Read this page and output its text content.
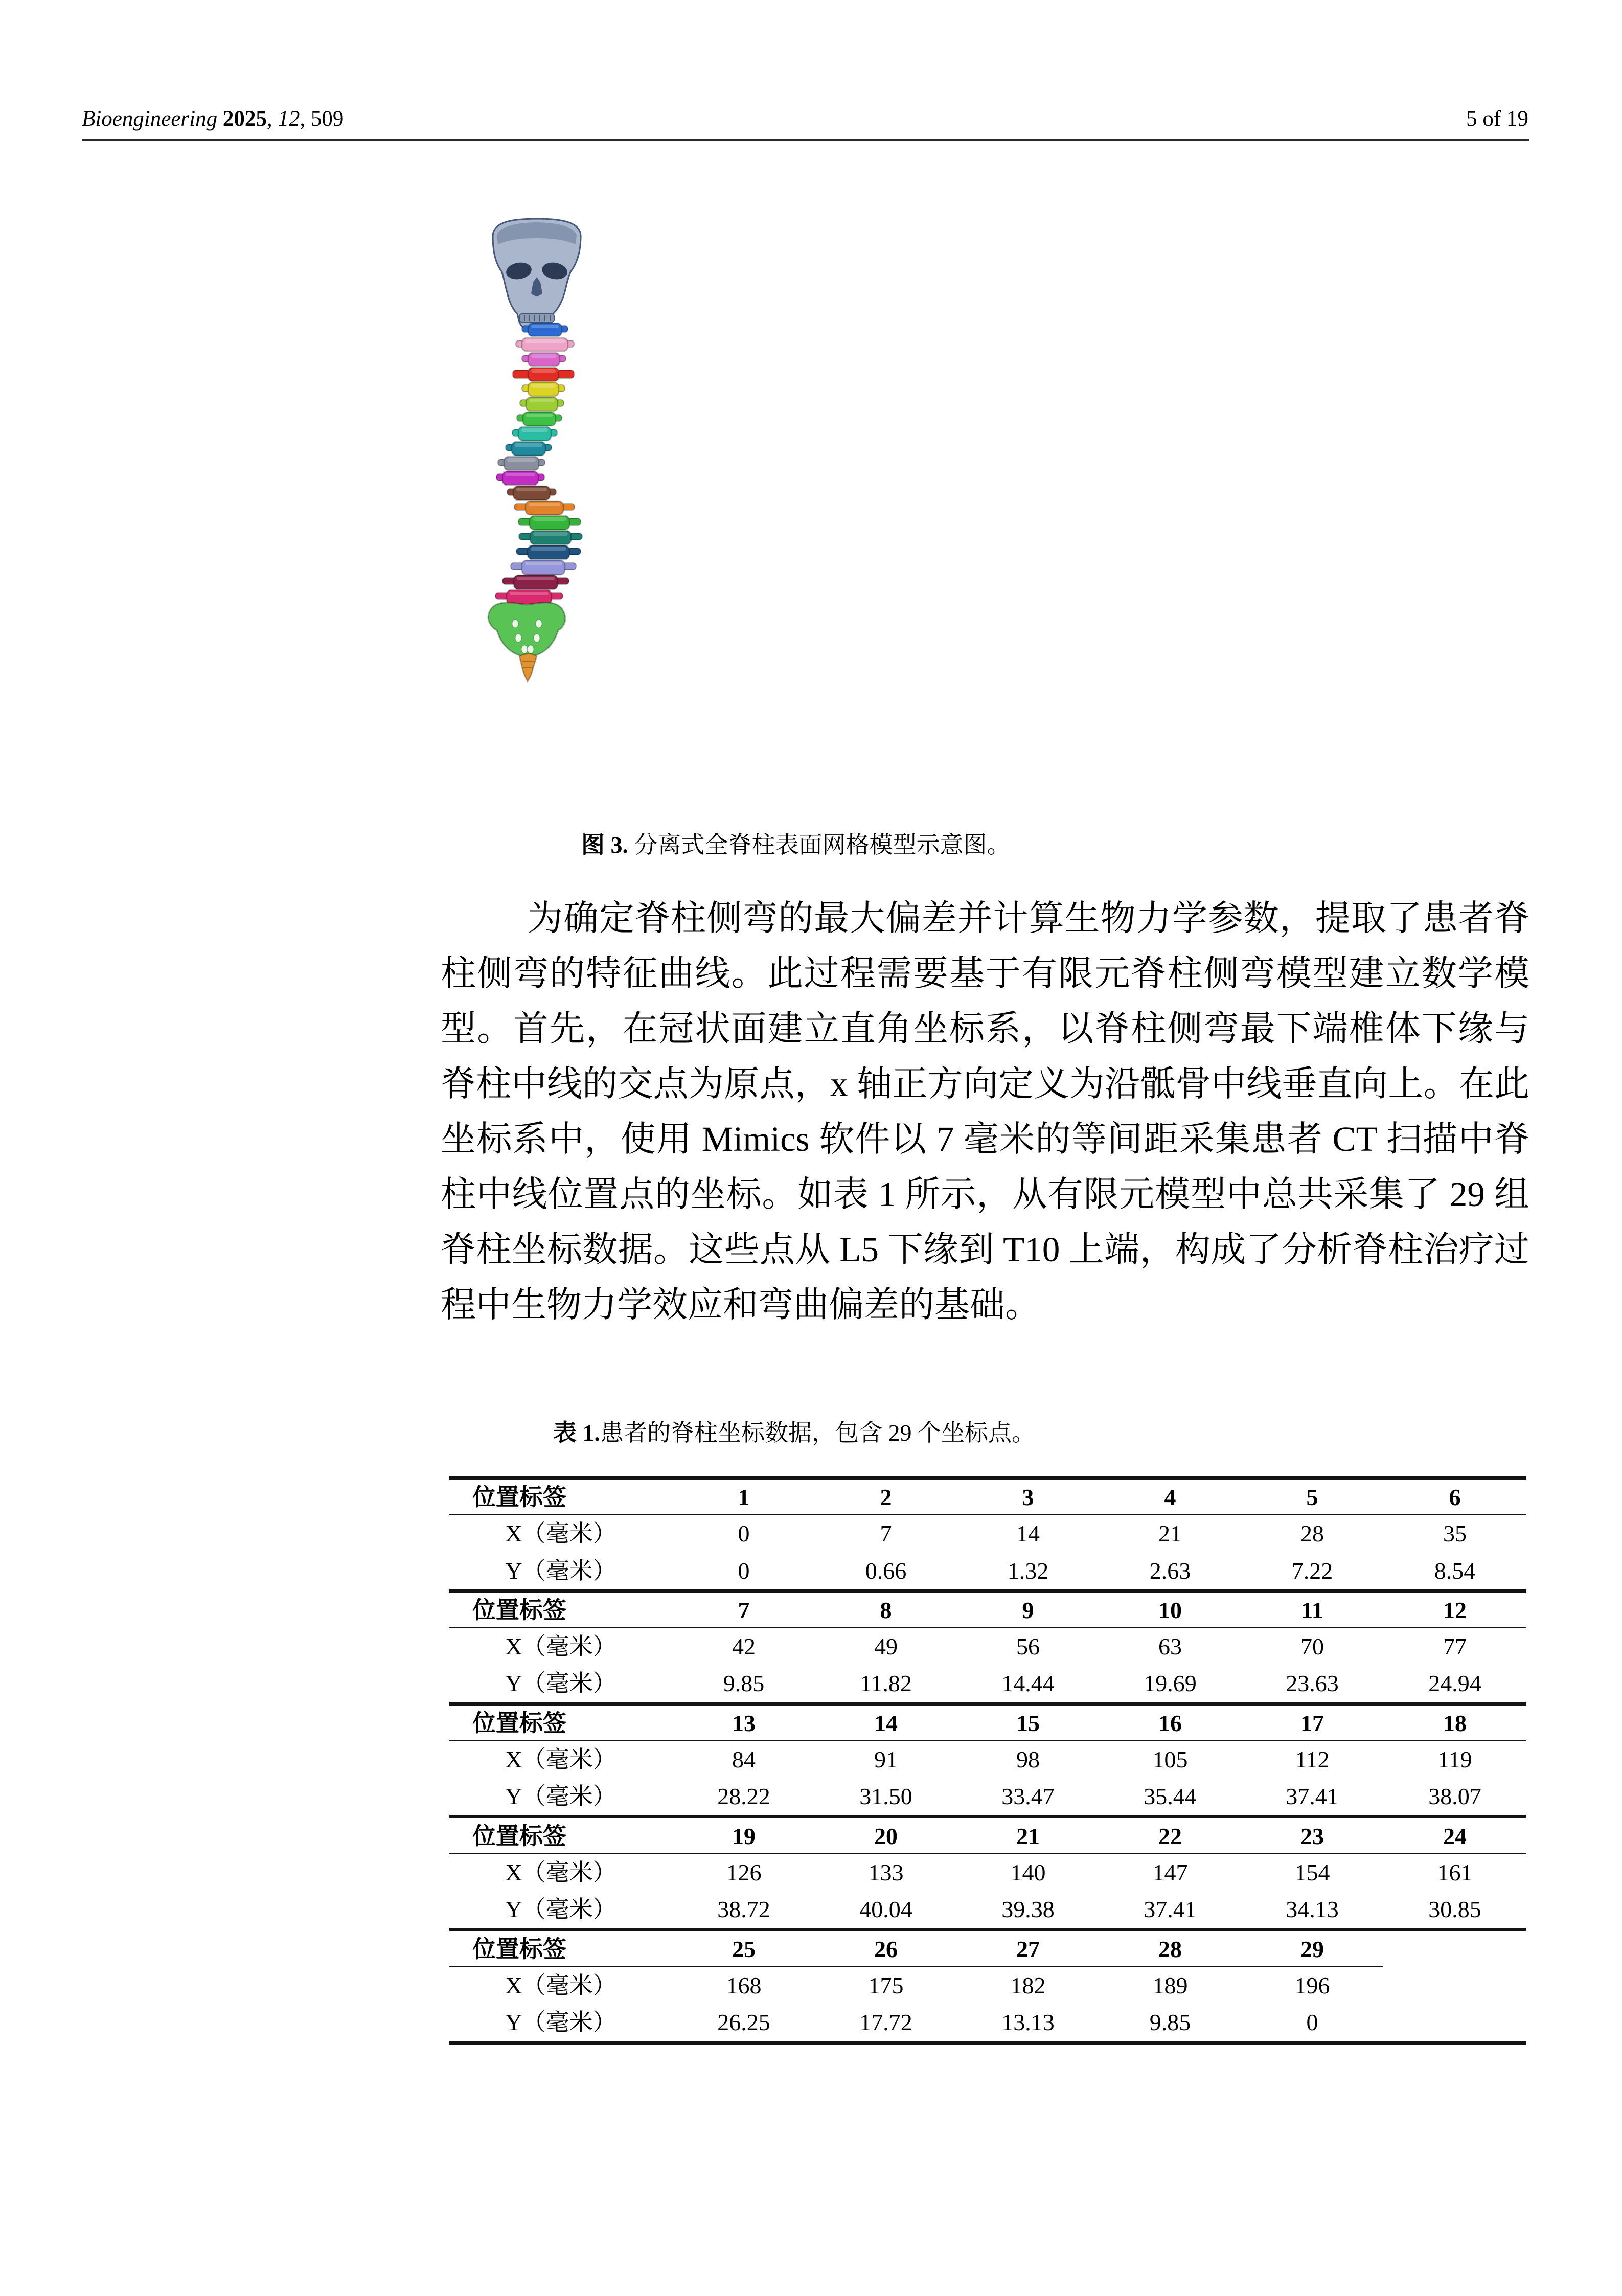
Bioengineering 2025, 12, 509	5 of 19
图 3. 分离式全脊柱表面网格模型示意图。
为确定脊柱侧弯的最大偏差并计算生物力学参数，提取了患者脊柱侧弯的特征曲线。此过程需要基于有限元脊柱侧弯模型建立数学模型。首先，在冠状面建立直角坐标系，以脊柱侧弯最下端椎体下缘与脊柱中线的交点为原点，x 轴正方向定义为沿骶骨中线垂直向上。在此坐标系中，使用 Mimics 软件以 7 毫米的等间距采集患者 CT 扫描中脊柱中线位置点的坐标。如表 1 所示，从有限元模型中总共采集了 29 组脊柱坐标数据。这些点从 L5 下缘到 T10 上端，构成了分析脊柱治疗过程中生物力学效应和弯曲偏差的基础。
表 1.患者的脊柱坐标数据，包含 29 个坐标点。
位置标签	1	2	3	4	5	6
X（毫米）	0	7	14	21	28	35
Y（毫米）	0	0.66	1.32	2.63	7.22	8.54
位置标签	7	8	9	10	11	12
X（毫米）	42	49	56	63	70	77
Y（毫米）	9.85	11.82	14.44	19.69	23.63	24.94
位置标签	13	14	15	16	17	18
X（毫米）	84	91	98	105	112	119
Y（毫米）	28.22	31.50	33.47	35.44	37.41	38.07
位置标签	19	20	21	22	23	24
X（毫米）	126	133	140	147	154	161
Y（毫米）	38.72	40.04	39.38	37.41	34.13	30.85
位置标签	25	26	27	28	29	
X（毫米）	168	175	182	189	196	
Y（毫米）	26.25	17.72	13.13	9.85	0	
